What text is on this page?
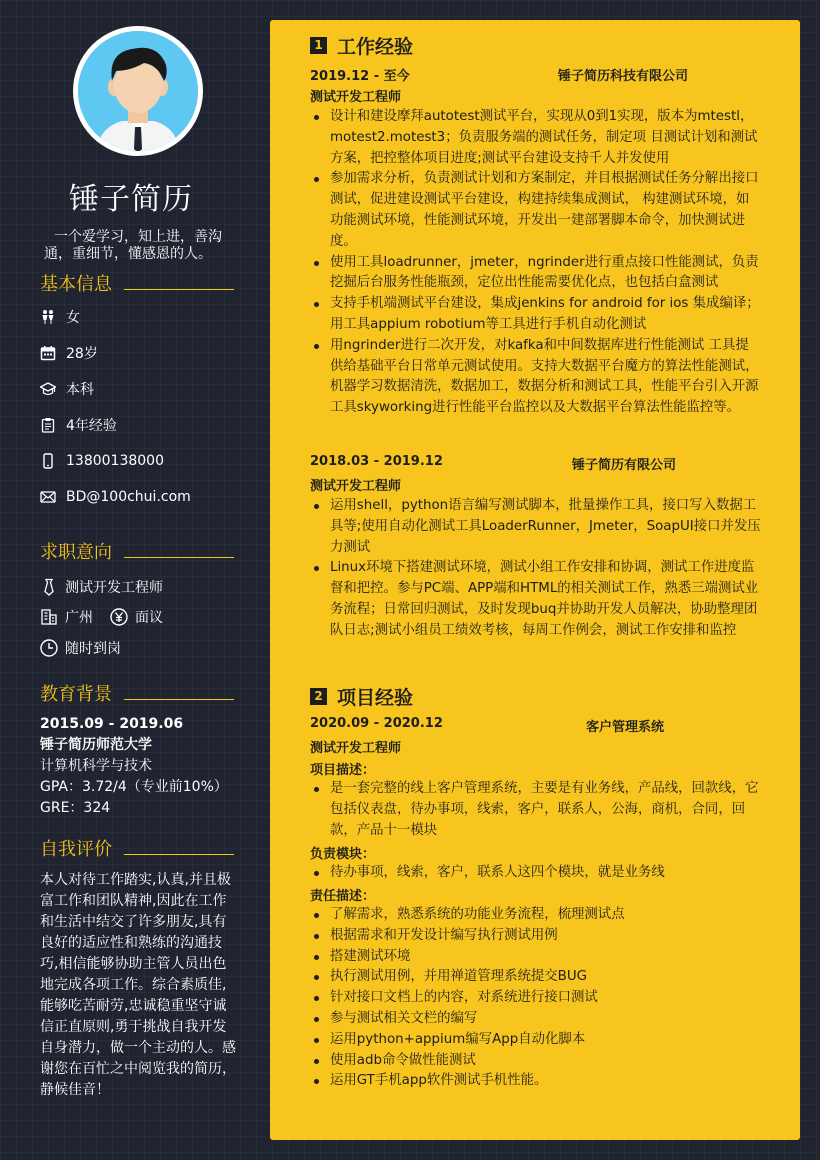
锤子简历
一个爱学习，知上进，善沟通，重细节，懂感恩的人。
基本信息
女
28岁
本科
4年经验
13800138000
BD@100chui.com
求职意向
测试开发工程师
广州	面议
随时到岗
教育背景
2015.09 - 2019.06
锤子简历师范大学
计算机科学与技术
GPA：3.72/4（专业前10%）
GRE：324
自我评价
本人对待工作踏实,认真,并且极富工作和团队精神,因此在工作和生活中结交了许多朋友,具有良好的适应性和熟练的沟通技巧,相信能够协助主管人员出色地完成各项工作。综合素质佳,能够吃苦耐劳,忠诚稳重坚守诚信正直原则,勇于挑战自我开发自身潜力，做一个主动的人。感谢您在百忙之中阅览我的简历，静候佳音！
1 工作经验
2019.12 - 至今	锤子简历科技有限公司
测试开发工程师
设计和建设摩拜autotest测试平台，实现从0到1实现，版本为mtestl，motest2.motest3；负责服务端的测试任务，制定项 目测试计划和测试方案，把控整体项目进度;测试平台建设支持千人并发使用
参加需求分析，负责测试计划和方案制定，并目根据测试任务分解出接口测试，促进建设测试平台建设，构建持续集成测试， 构建测试环境，如功能测试环境，性能测试环境，开发出一建部署脚本命令，加快测试进度。
使用工具loadrunner，jmeter，ngrinder进行重点接口性能测试，负责挖掘后台服务性能瓶颈，定位出性能需要优化点，也包括白盒测试
支持手机端测试平台建设，集成jenkins for android for ios 集成编译；用工具appium robotium等工具进行手机自动化测试
用ngrinder进行二次开发，对kafka和中间数据库进行性能测试 工具提供给基础平台日常单元测试使用。支持大数据平台魔方的算法性能测试，机器学习数据清洗，数据加工，数据分析和测试工具，性能平台引入开源工具skyworking进行性能平台监控以及大数据平台算法性能监控等。
2018.03 - 2019.12	锤子简历有限公司
测试开发工程师
运用shell，python语言编写测试脚本，批量操作工具，接口写入数据工具等;使用自动化测试工具LoaderRunner，Jmeter，SoapUI接口并发压力测试
Linux环境下搭建测试环境，测试小组工作安排和协调，测试工作进度监督和把控。参与PC端、APP端和HTML的相关测试工作，熟悉三端测试业务流程；日常回归测试，及时发现buq并协助开发人员解决，协助整理团队日志;测试小组员工绩效考核，每周工作例会，测试工作安排和监控
2 项目经验
2020.09 - 2020.12	客户管理系统
测试开发工程师
项目描述：
是一套完整的线上客户管理系统，主要是有业务线，产品线，回款线，它包括仪表盘，待办事项，线索，客户，联系人，公海，商机，合同，回款，产品十一模块
负责模块：
待办事项，线索，客户，联系人这四个模块，就是业务线
责任描述：
了解需求，熟悉系统的功能业务流程，梳理测试点
根据需求和开发设计编写执行测试用例
搭建测试环境
执行测试用例，并用禅道管理系统提交BUG
针对接口文档上的内容，对系统进行接口测试
参与测试相关文栏的编写
运用python+appium编写App自动化脚本
使用adb命令做性能测试
运用GT手机app软件测试手机性能。
